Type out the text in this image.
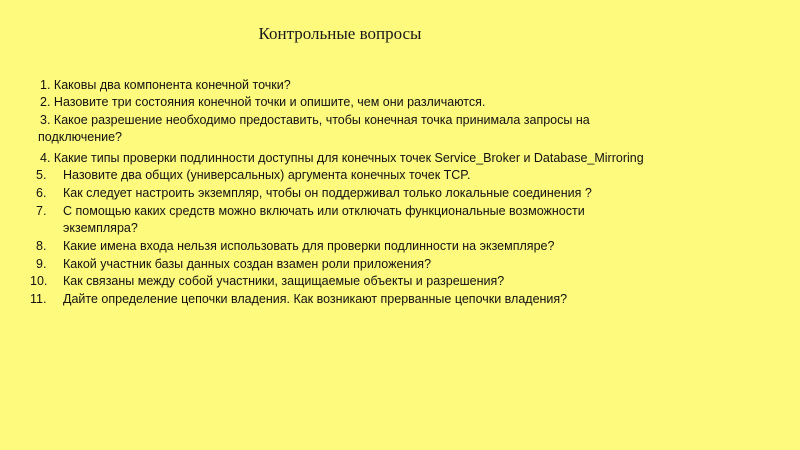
Контрольные вопросы
1. Каковы два компонента конечной точки?
2. Назовите три состояния конечной точки и опишите, чем они различаются.
3. Какое разрешение необходимо предоставить, чтобы конечная точка принимала запросы на
подключение?
4. Какие типы проверки подлинности доступны для конечных точек Service_Broker и Database_Mirroring
5. Назовите два общих (универсальных) аргумента конечных точек TCP.
6. Как следует настроить экземпляр, чтобы он поддерживал только локальные соединения ?
7. С помощью каких средств можно включать или отключать функциональные возможности
экземпляра?
8. Какие имена входа нельзя использовать для проверки подлинности на экземпляре?
9. Какой участник базы данных создан взамен роли приложения?
10. Как связаны между собой участники, защищаемые объекты и разрешения?
11. Дайте определение цепочки владения. Как возникают прерванные цепочки владения?
